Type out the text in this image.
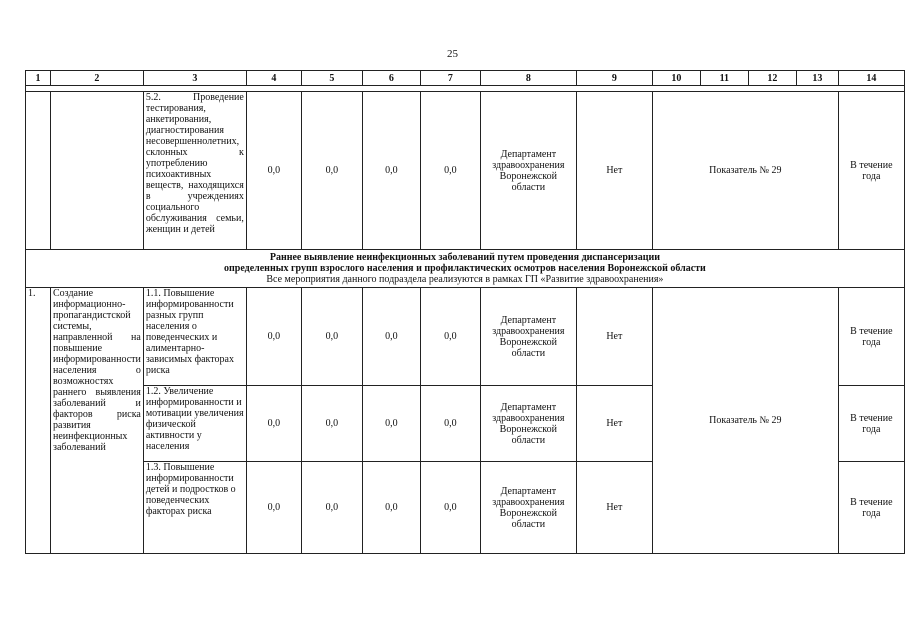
25
1	2	3	4	5	6	7	8	9	10	11	12	13	14

		5.2. Проведение тестирования, анкетирования, диагностирования несовершеннолетних, склонных к употреблению психоактивных веществ, находящихся в учреждениях социального обслуживания семьи, женщин и детей	0,0	0,0	0,0	0,0	Департамент здравоохранения Воронежской области	Нет	Показатель № 29				В течение года

Раннее выявление неинфекционных заболеваний путем проведения диспансеризации
определенных групп взрослого населения и профилактических осмотров населения Воронежской области
Все мероприятия данного подраздела реализуются в рамках ГП «Развитие здравоохранения»													

1.	Создание информационно-пропагандистской системы, направленной на повышение информированности населения о возможностях раннего выявления заболеваний и факторов риска развития неинфекционных заболеваний	1.1. Повышение информированности разных групп населения о поведенческих и алиментарно-зависимых факторах риска	0,0	0,0	0,0	0,0	Департамент здравоохранения Воронежской области	Нет	Показатель № 29				В течение года
		1.2. Увеличение информированности и мотивации увеличения физической активности у населения	0,0	0,0	0,0	0,0	Департамент здравоохранения Воронежской области	Нет					В течение года
		1.3. Повышение информированности детей и подростков о поведенческих факторах риска	0,0	0,0	0,0	0,0	Департамент здравоохранения Воронежской области	Нет					В течение года
